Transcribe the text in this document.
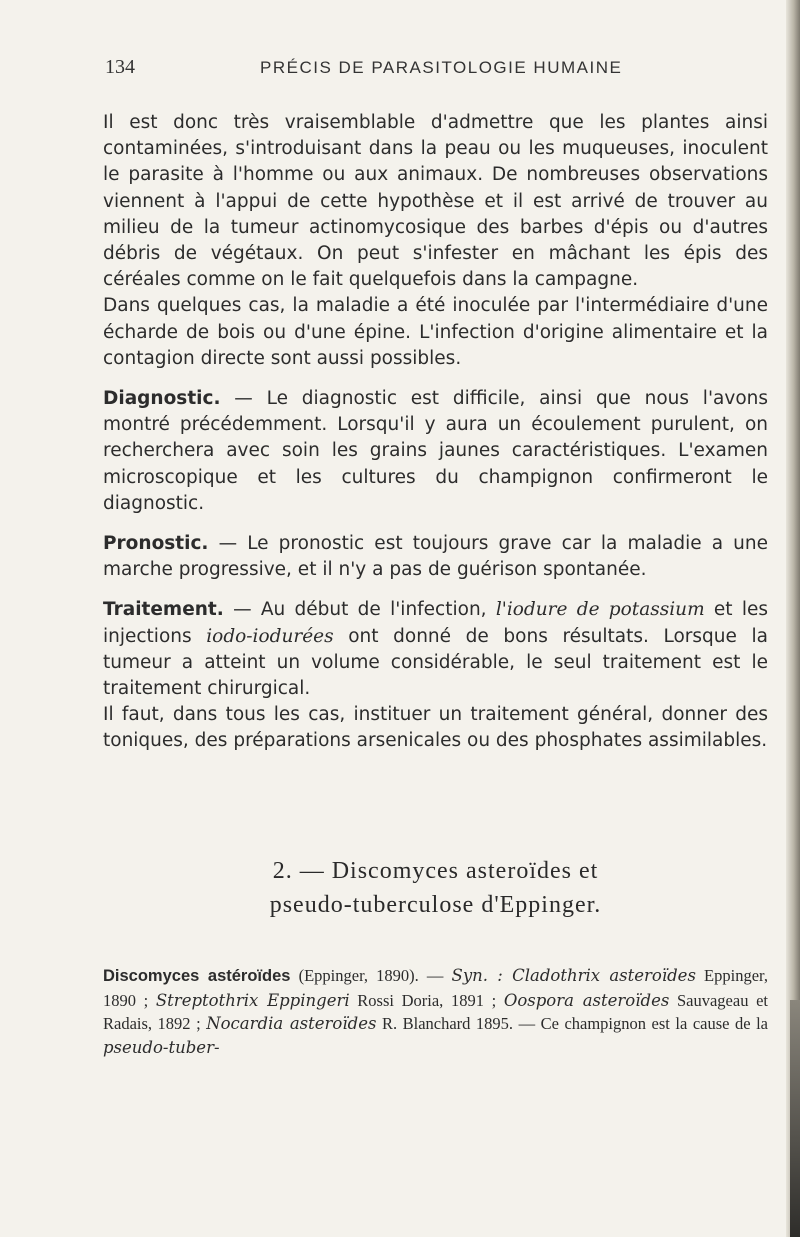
134	PRÉCIS DE PARASITOLOGIE HUMAINE

Il est donc très vraisemblable d'admettre que les plantes ainsi contaminées, s'introduisant dans la peau ou les muqueuses, inoculent le parasite à l'homme ou aux animaux. De nombreuses observations viennent à l'appui de cette hypothèse et il est arrivé de trouver au milieu de la tumeur actinomycosique des barbes d'épis ou d'autres débris de végétaux. On peut s'infester en mâchant les épis des céréales comme on le fait quelquefois dans la campagne.

Dans quelques cas, la maladie a été inoculée par l'intermédiaire d'une écharde de bois ou d'une épine. L'infection d'origine alimentaire et la contagion directe sont aussi possibles.

Diagnostic. — Le diagnostic est difficile, ainsi que nous l'avons montré précédemment. Lorsqu'il y aura un écoulement purulent, on recherchera avec soin les grains jaunes caractéristiques. L'examen microscopique et les cultures du champignon confirmeront le diagnostic.

Pronostic. — Le pronostic est toujours grave car la maladie a une marche progressive, et il n'y a pas de guérison spontanée.

Traitement. — Au début de l'infection, l'iodure de potassium et les injections iodo-iodurées ont donné de bons résultats. Lorsque la tumeur a atteint un volume considérable, le seul traitement est le traitement chirurgical.

Il faut, dans tous les cas, instituer un traitement général, donner des toniques, des préparations arsenicales ou des phosphates assimilables.

2. — Discomyces asteroïdes et
pseudo-tuberculose d'Eppinger.
Discomyces astéroïdes (Eppinger, 1890). — Syn. : Cladothrix asteroïdes Eppinger, 1890 ; Streptothrix Eppingeri Rossi Doria, 1891 ; Oospora asteroïdes Sauvageau et Radais, 1892 ; Nocardia asteroïdes R. Blanchard 1895. — Ce champignon est la cause de la pseudo-tuber-
